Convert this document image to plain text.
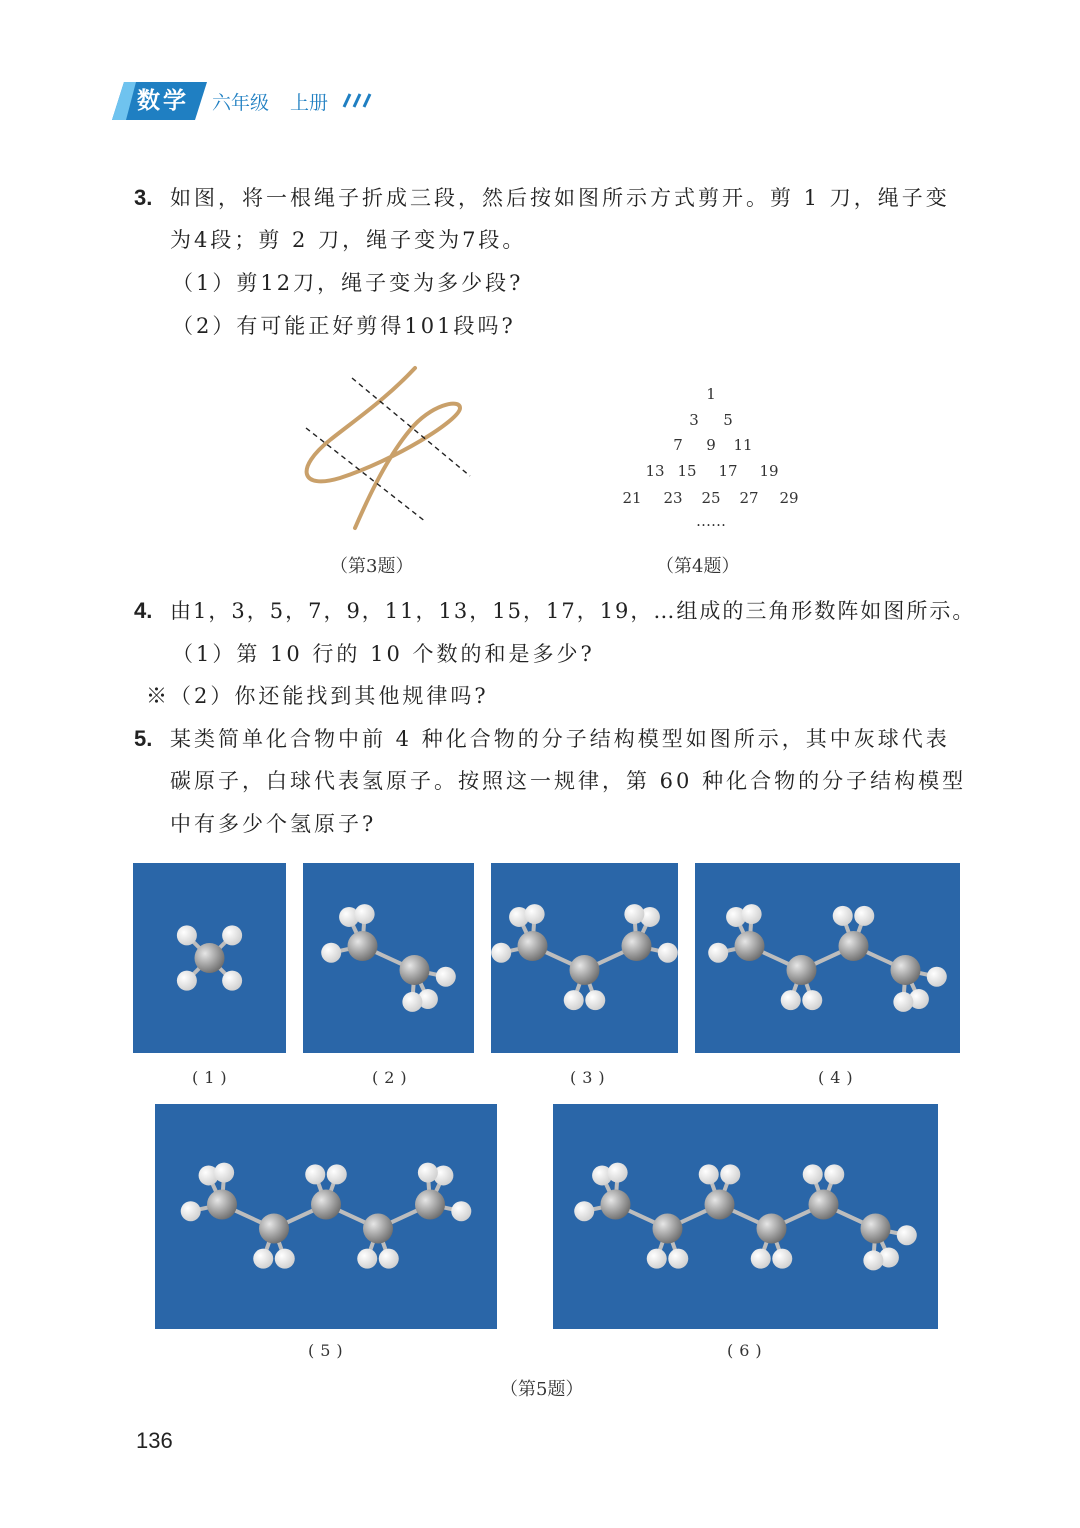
数学	六年级 上册
3. 如图，将一根绳子折成三段，然后按如图所示方式剪开。剪 1 刀，绳子变
为4段；剪 2 刀，绳子变为7段。
（1）剪12刀，绳子变为多少段?
（2）有可能正好剪得101段吗?
（第3题）
1
3	5
7	9	11
13 15	17	19
21	23	25	27	29
……
（第4题）
4. 由1，3，5，7，9，11，13，15，17，19，…组成的三角形数阵如图所示。
（1）第 10 行的 10 个数的和是多少?
※（2）你还能找到其他规律吗?
5. 某类简单化合物中前 4 种化合物的分子结构模型如图所示，其中灰球代表
碳原子，白球代表氢原子。按照这一规律，第 60 种化合物的分子结构模型
中有多少个氢原子?
(1)	(2)	(3)	(4)
(5)	(6)
（第5题）
136
